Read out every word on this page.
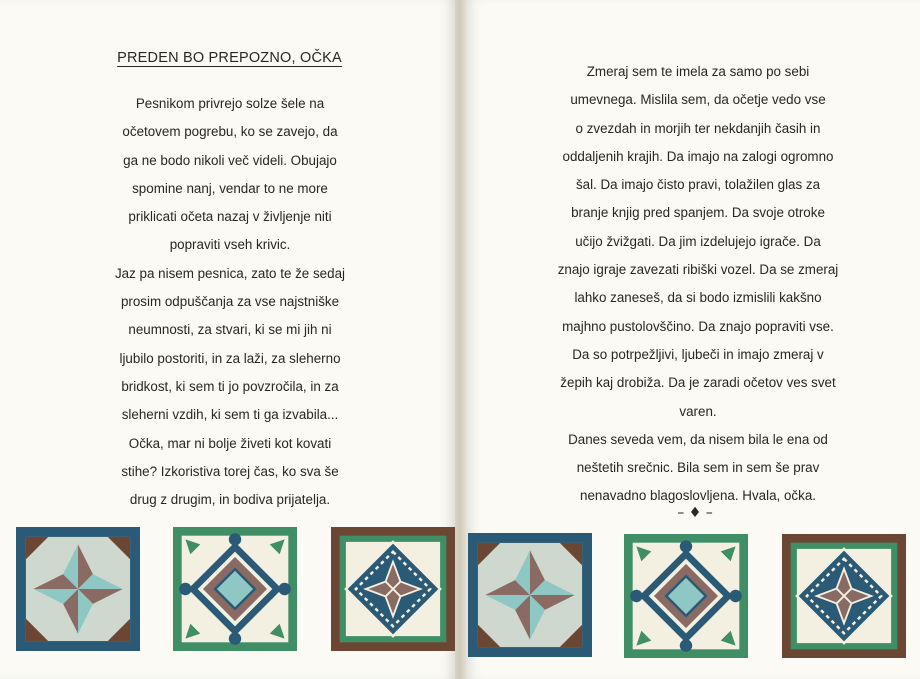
PREDEN BO PREPOZNO, OČKA
Pesnikom privrejo solze šele na
očetovem pogrebu, ko se zavejo, da
ga ne bodo nikoli več videli. Obujajo
spomine nanj, vendar to ne more
priklicati očeta nazaj v življenje niti
popraviti vseh krivic.
Jaz pa nisem pesnica, zato te že sedaj
prosim odpuščanja za vse najstniške
neumnosti, za stvari, ki se mi jih ni
ljubilo postoriti, in za laži, za sleherno
bridkost, ki sem ti jo povzročila, in za
sleherni vzdih, ki sem ti ga izvabila...
Očka, mar ni bolje živeti kot kovati
stihe? Izkoristiva torej čas, ko sva še
drug z drugim, in bodiva prijatelja.
Zmeraj sem te imela za samo po sebi
umevnega. Mislila sem, da očetje vedo vse
o zvezdah in morjih ter nekdanjih časih in
oddaljenih krajih. Da imajo na zalogi ogromno
šal. Da imajo čisto pravi, tolažilen glas za
branje knjig pred spanjem. Da svoje otroke
učijo žvižgati. Da jim izdelujejo igrače. Da
znajo igraje zavezati ribiški vozel. Da se zmeraj
lahko zaneseš, da si bodo izmislili kakšno
majhno pustolovščino. Da znajo popraviti vse.
Da so potrpežljivi, ljubeči in imajo zmeraj v
žepih kaj drobiža. Da je zaradi očetov ves svet
varen.
Danes seveda vem, da nisem bila le ena od
neštetih srečnic. Bila sem in sem še prav
nenavadno blagoslovljena. Hvala, očka.
– ♦ –
